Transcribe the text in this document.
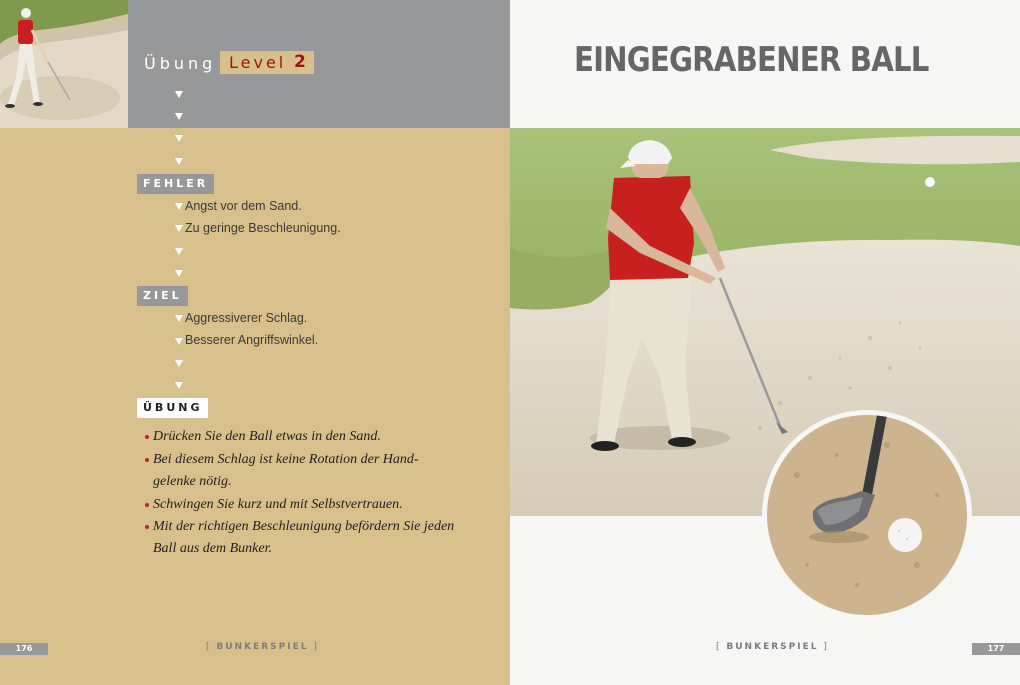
Übung Level 2
FEHLER
Angst vor dem Sand.
Zu geringe Beschleunigung.
ZIEL
Aggressiverer Schlag.
Besserer Angriffswinkel.
ÜBUNG
Drücken Sie den Ball etwas in den Sand.
Bei diesem Schlag ist keine Rotation der Hand-
gelenke nötig.
Schwingen Sie kurz und mit Selbstvertrauen.
Mit der richtigen Beschleunigung befördern Sie jeden
Ball aus dem Bunker.
176	[ BUNKERSPIEL ]
EINGEGRABENER BALL
[ BUNKERSPIEL ]	177
